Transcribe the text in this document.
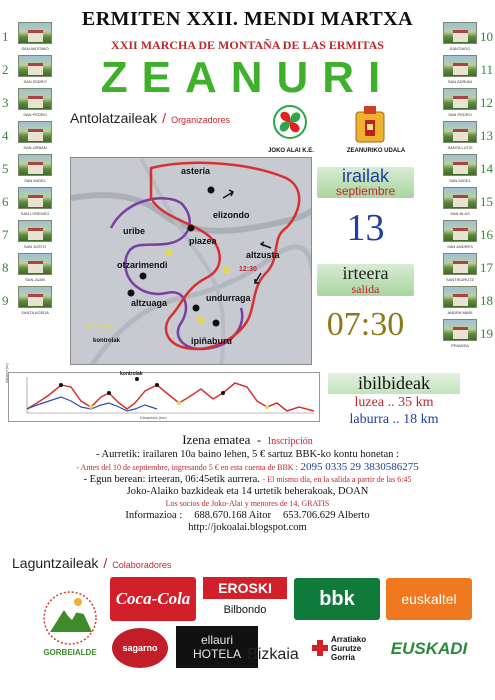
ERMITEN XXII. MENDI MARTXA
XXII MARCHA DE MONTAÑA DE LAS ERMITAS
ZEANURI
1
SAN ANTONIO
2
SAN ISIDRO
3
SAN PEDRO
4
SAN URBAN
5
SAN MIGEL
6
SAN LORENZO
7
SAN JUSTO
8
SAN JUAN
9
SANTA AGEDA
10
SANTIAGO
11
SAN ADRIAN
12
SAN PEDRO
13
SANTA LUTZI
14
SAN MIGEL
15
SAN BLAS
16
SAN ANDRES
17
SANTIKURUTZ
18
ANDRA MARI
19
PRIADEA
Antolatzaileak / Organizadores
JOKO ALAI K.E.	ZEANURIKO UDALA
asteria
elizondo
uribe
piazea
otzarimendi
altzusta
altzuaga	undurraga
ipiñaburu
12:30
jan - edan
kontrolak
irailak
septiembre
13
irteera
salida
07:30
kontrolak
Distantzia (km)
Altuera (m)	ibilbideak
luzea .. 35 km
laburra .. 18 km
Izena ematea  -  Inscripción
- Aurretik: irailaren 10a baino lehen, 5 € sartuz BBK-ko kontu honetan :
- Antes del 10 de septiembre, ingresando 5 € en esta cuenta de BBK : 2095 0335 29 3830586275
- Egun berean: irteeran, 06:45etik aurrera. - El mismo día, en la salida a partir de las 6:45
Joko-Alaiko bazkideak eta 14 urtetik beherakoak, DOAN
Los socios de Joko-Alai y menores de 14, GRATIS
Informazioa : 688.670.168 Aitor 653.706.629 Alberto
http://jokoalai.blogspot.com
Laguntzaileak / Colaboradores
GORBEIALDE
Coca-Cola
EROSKI
Bilbondo
bbk	euskaltel
sagarno
ellauri HOTELA Bizkaia
Arratiako Gurutze Gorria	EUSKADI
